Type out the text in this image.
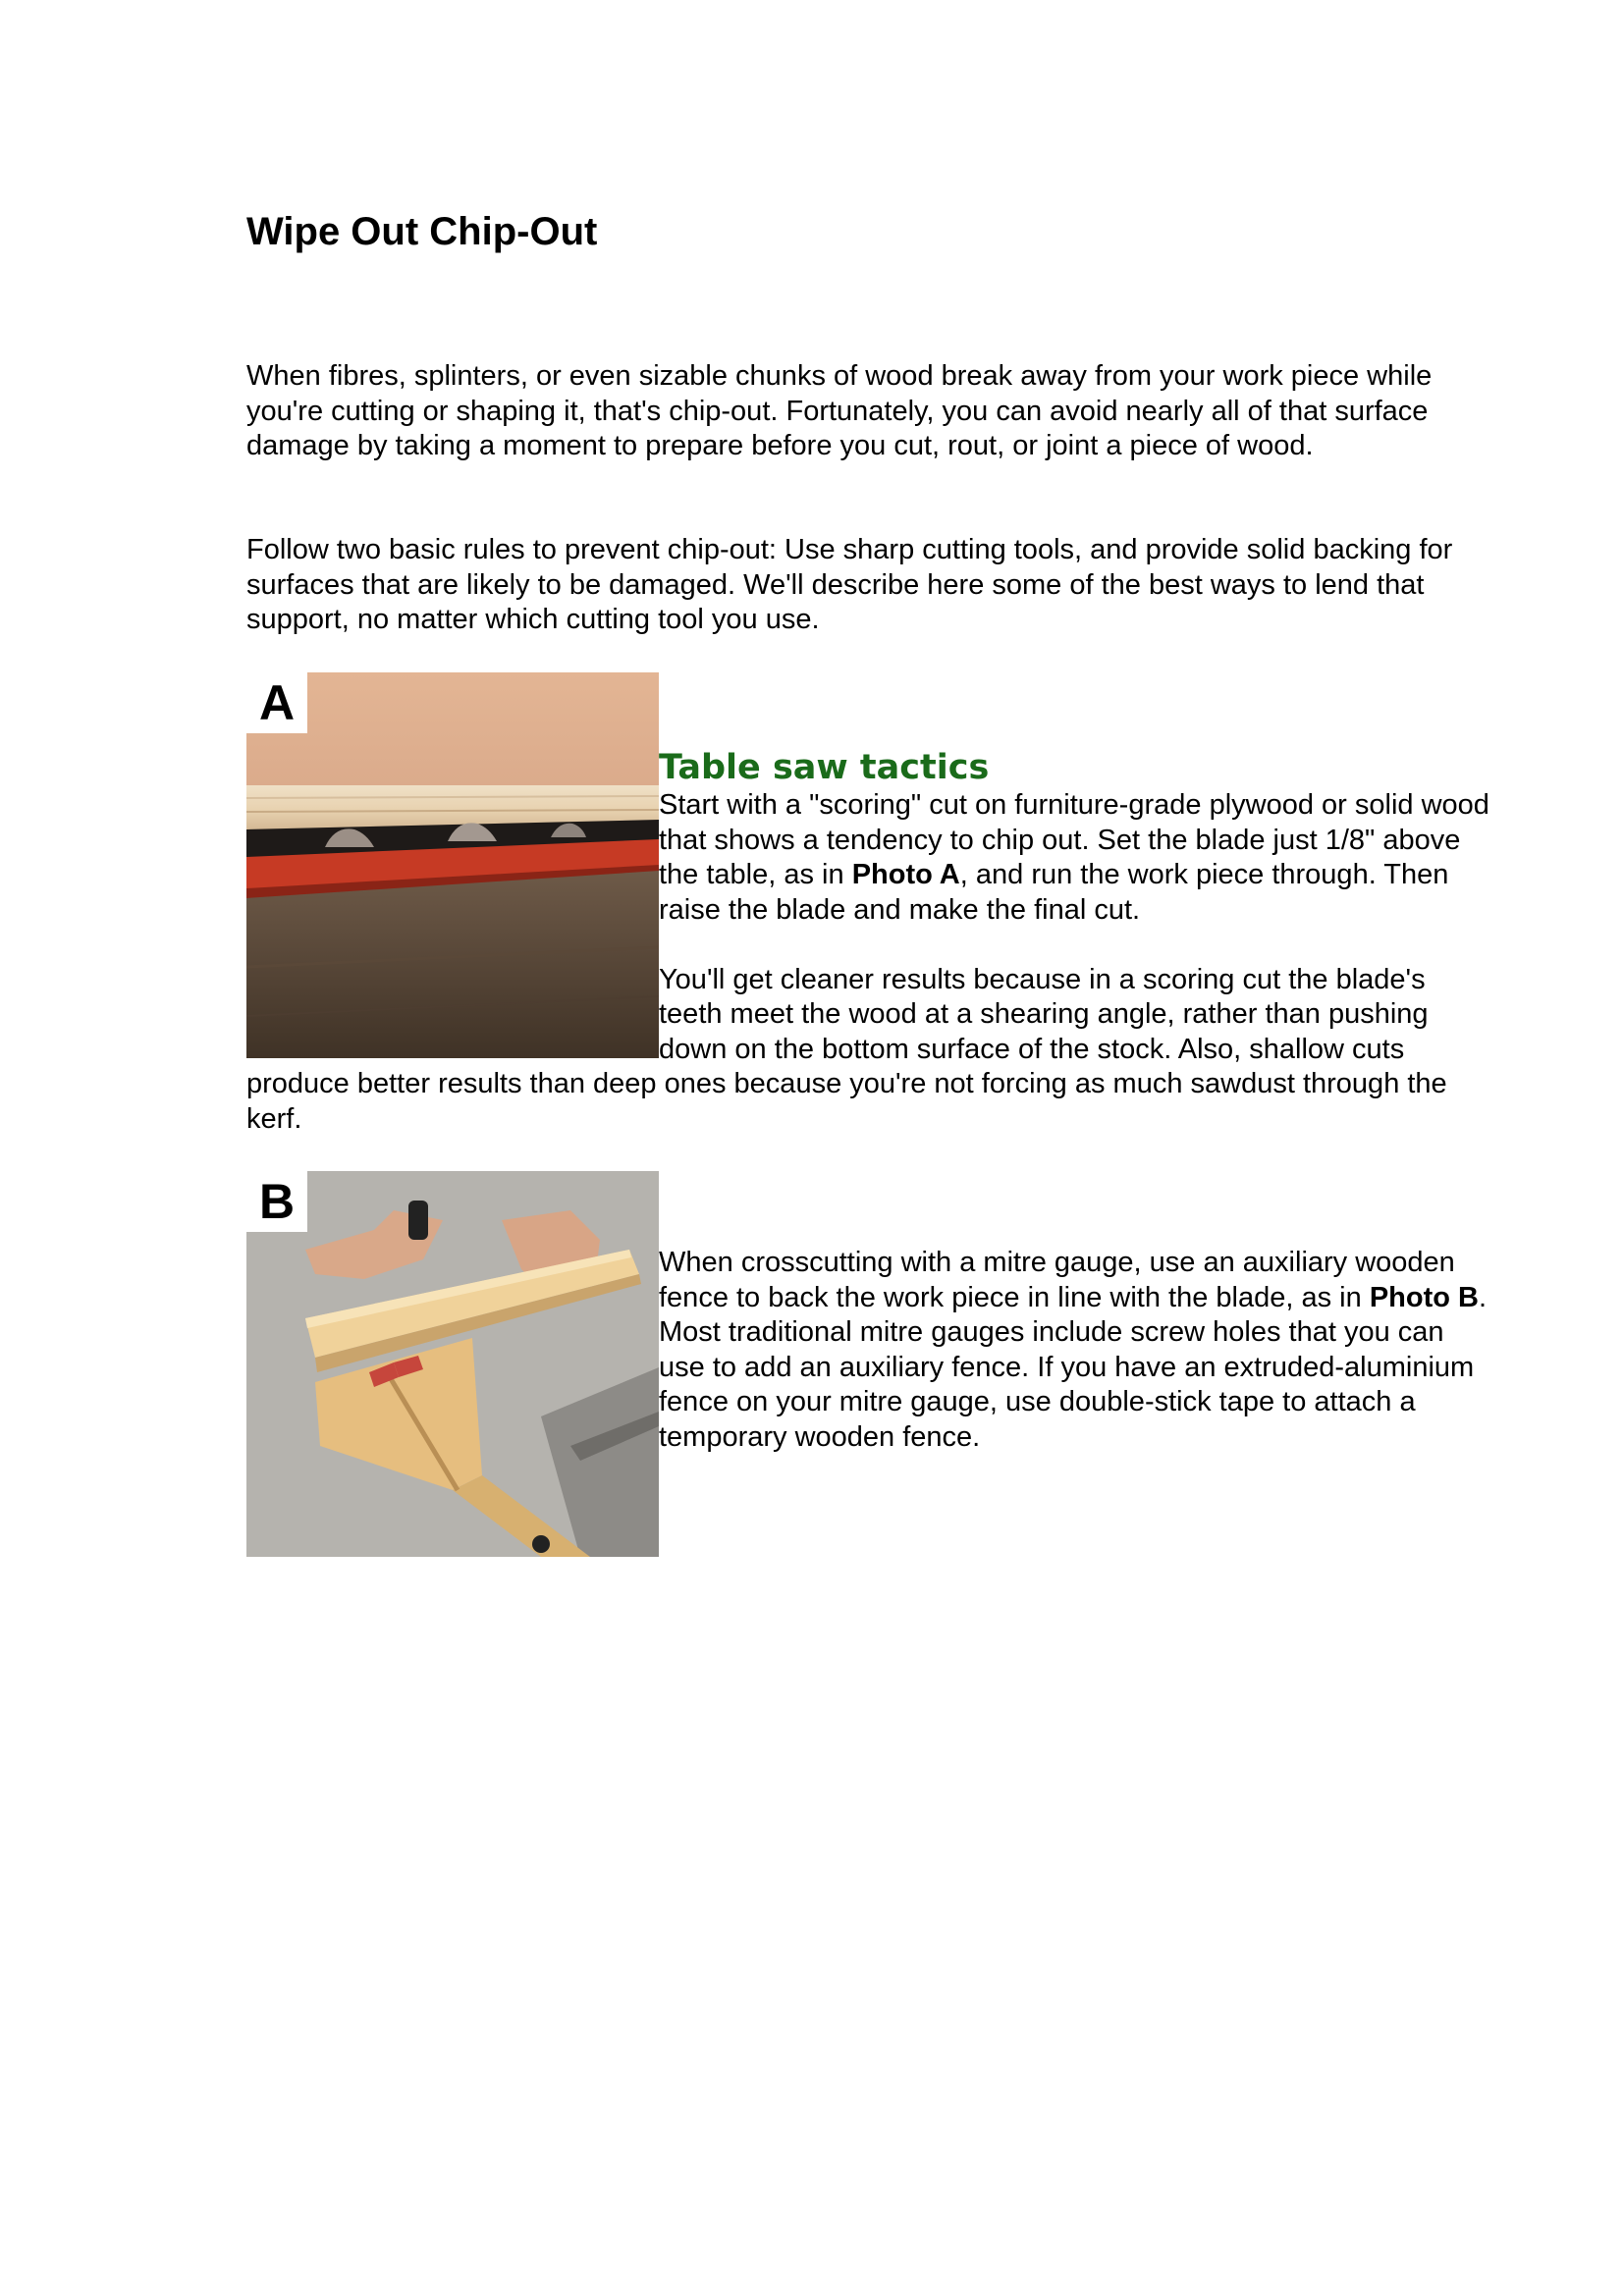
Wipe Out Chip-Out

When fibres, splinters, or even sizable chunks of wood break away from your work piece while you're cutting or shaping it, that's chip-out. Fortunately, you can avoid nearly all of that surface damage by taking a moment to prepare before you cut, rout, or joint a piece of wood.

Follow two basic rules to prevent chip-out: Use sharp cutting tools, and provide solid backing for surfaces that are likely to be damaged. We'll describe here some of the best ways to lend that support, no matter which cutting tool you use.

A
Table saw tactics

Start with a "scoring" cut on furniture-grade plywood or solid wood that shows a tendency to chip out. Set the blade just 1/8" above the table, as in Photo A, and run the work piece through. Then raise the blade and make the final cut.

You'll get cleaner results because in a scoring cut the blade's teeth meet the wood at a shearing angle, rather than pushing down on the bottom surface of the stock. Also, shallow cuts produce better results than deep ones because you're not forcing as much sawdust through the kerf.

B

When crosscutting with a mitre gauge, use an auxiliary wooden fence to back the work piece in line with the blade, as in Photo B. Most traditional mitre gauges include screw holes that you can use to add an auxiliary fence. If you have an extruded-aluminium fence on your mitre gauge, use double-stick tape to attach a temporary wooden fence.
